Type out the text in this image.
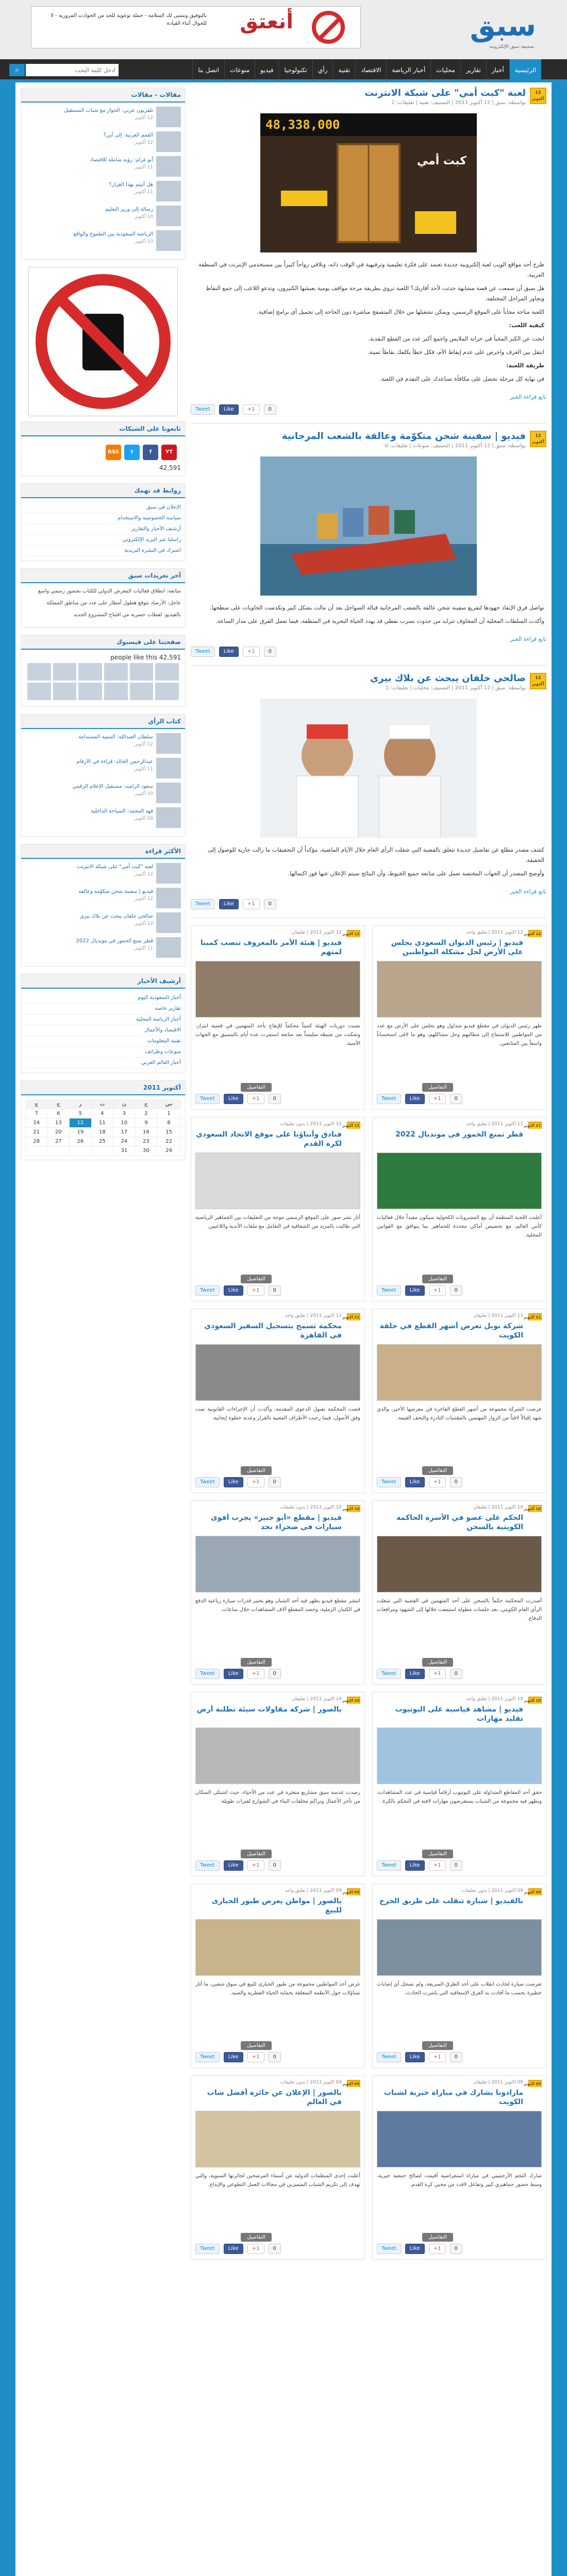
سبق
صحيفة سبق الإلكترونية
أنعتق
بالتوفيق ونتمنى لك السلامة - حملة توعوية للحد من الحوادث المرورية - لا للجوال أثناء القيادة
الرئيسية
أخبار
تقارير
محليات
أخبار الرياضة
الاقتصاد
تقنية
رأي
تكنولوجيا
فيديو
منوعات
اتصل بنا
ادخل كلمة البحث
⌕
12 أكتوبر
لعبة "كبت أمي" على شبكة الانترنت
بواسطة: سبق | 12 أكتوبر 2011 | التصنيف: تقنية | تعليقات: 2
48,338,000
كبت أمي

طرح أحد مواقع الويب لعبة إلكترونية جديدة تعتمد على فكرة تعليمية وترفيهية في الوقت ذاته، وتلاقي رواجاً كبيراً بين مستخدمي الإنترنت في المنطقة العربية.

هل سبق أن سمعت عن قصة مشابهة حدثت لأحد أقاربك؟ اللعبة تروي بطريقة مرحة مواقف يومية يعيشها الكثيرون، وتدعو اللاعب إلى جمع النقاط وتجاوز المراحل المختلفة.

اللعبة متاحة مجاناً على الموقع الرسمي، ويمكن تشغيلها من خلال المتصفح مباشرة دون الحاجة إلى تحميل أي برامج إضافية.

كيفية اللعب:

ابحث عن الكنز المخبأ في خزانة الملابس واجمع أكبر عدد من القطع النقدية.

انتقل بين الغرف واحرص على عدم إيقاظ الأم، فكل خطأ يكلفك نقاطاً ثمينة.

طريقة اللعبة:

في نهاية كل مرحلة تحصل على مكافأة تساعدك على التقدم في اللعبة.

تابع قراءة الخبر
Tweet	Like	+1	0
12 أكتوبر
فيديو | سفينة شحن متكوّمة وعالقة بالشعب المرجانية
بواسطة: سبق | 12 أكتوبر 2011 | التصنيف: منوعات | تعليقات: 0

تواصل فرق الإنقاذ جهودها لتفريغ سفينة شحن عالقة بالشعب المرجانية قبالة السواحل بعد أن مالت بشكل كبير وتكدست الحاويات على سطحها.

وأكدت السلطات المحلية أن المخاوف تتزايد من حدوث تسرب نفطي قد يهدد الحياة البحرية في المنطقة، فيما تعمل الفرق على مدار الساعة.

تابع قراءة الخبر
Tweet	Like	+1	0
12 أكتوبر
صالحي خلفان يبحث عن بلاك بيري
بواسطة: سبق | 12 أكتوبر 2011 | التصنيف: محليات | تعليقات: 1

كشف مصدر مطلع عن تفاصيل جديدة تتعلق بالقضية التي شغلت الرأي العام خلال الأيام الماضية، مؤكداً أن التحقيقات ما زالت جارية للوصول إلى الحقيقة.

وأوضح المصدر أن الجهات المختصة تعمل على متابعة جميع الخيوط، وأن النتائج سيتم الإعلان عنها فور اكتمالها.

تابع قراءة الخبر
Tweet	Like	+1	0
12 أكتوبر
12 أكتوبر 2011 | تعليق واحد
فيديو | رئيس الديوان السعودي يجلس على الأرض لحل مشكلة المواطنين
ظهر رئيس الديوان في مقطع فيديو متداول وهو يجلس على الأرض مع عدد من المواطنين للاستماع إلى مطالبهم وحل مشاكلهم، وهو ما لاقى استحساناً واسعاً بين المتابعين.
التفاصيل
Tweet	Like	+1	0
12 أكتوبر
12 أكتوبر 2011 | تعليقان
فيديو | هيئة الأمر بالمعروف تنصب كمينا لمتهم
نصبت دوريات الهيئة كميناً محكماً للإيقاع بأحد المتهمين في قضية ابتزاز، وتمكنت من ضبطه متلبساً بعد متابعة استمرت عدة أيام بالتنسيق مع الجهات الأمنية.
التفاصيل
Tweet	Like	+1	0
11 أكتوبر
11 أكتوبر 2011 | تعليق واحد
قطر تمنع الخمور في مونديال 2022
أعلنت اللجنة المنظمة أن بيع المشروبات الكحولية سيكون مقيداً خلال فعاليات كأس العالم، مع تخصيص أماكن محددة للجماهير بما يتوافق مع القوانين المحلية.
التفاصيل
Tweet	Like	+1	0
11 أكتوبر
11 أكتوبر 2011 | بدون تعليقات
فنادق وأبناؤنا على موقع الاتحاد السعودي لكرة القدم
أثار نشر صور على الموقع الرسمي موجة من التعليقات بين الجماهير الرياضية التي طالبت بالمزيد من الشفافية في التعامل مع ملفات الأندية واللاعبين.
التفاصيل
Tweet	Like	+1	0
11 أكتوبر
11 أكتوبر 2011 | تعليقان
شركة نوبل تعرض أشهر القطع في حلقة الكويت
عرضت الشركة مجموعة من أشهر القطع الفاخرة في معرضها الأخير، والذي شهد إقبالاً لافتاً من الزوار المهتمين بالمقتنيات النادرة والتحف القيمة.
التفاصيل
Tweet	Like	+1	0
11 أكتوبر
11 أكتوبر 2011 | تعليق واحد
محكمة تسمح بتسجيل السفير السعودي في القاهرة
قضت المحكمة بقبول الدعوى المقدمة، وأكدت أن الإجراءات القانونية تمت وفق الأصول، فيما رحبت الأطراف المعنية بالقرار وعدته خطوة إيجابية.
التفاصيل
Tweet	Like	+1	0
10 أكتوبر
10 أكتوبر 2011 | تعليقان
الحكم على عضو في الأسرة الحاكمة الكويتية بالسجن
أصدرت المحكمة حكماً بالسجن على أحد المتهمين في القضية التي شغلت الرأي العام الكويتي، بعد جلسات مطولة استمعت خلالها إلى الشهود ومرافعات الدفاع.
التفاصيل
Tweet	Like	+1	0
10 أكتوبر
10 أكتوبر 2011 | بدون تعليقات
فيديو | مقطع «أبو جبير» يجرب أقوى سيارات في صحراء نجد
انتشر مقطع فيديو يظهر فيه أحد الشبان وهو يختبر قدرات سيارة رباعية الدفع في الكثبان الرملية، وحصد المقطع آلاف المشاهدات خلال ساعات.
التفاصيل
Tweet	Like	+1	0
10 أكتوبر
10 أكتوبر 2011 | تعليق واحد
فيديو | مشاهد قياسية على اليوتيوب تقليد مهارات
حقق أحد المقاطع المتداولة على اليوتيوب أرقاماً قياسية في عدد المشاهدات، ويظهر فيه مجموعة من الشباب يستعرضون مهارات لافتة في التحكم بالكرة.
التفاصيل
Tweet	Like	+1	0
10 أكتوبر
10 أكتوبر 2011 | تعليقان
بالصور | شركة مقاولات سيئة تطلبة أرض
رصدت عدسة سبق مشاريع متعثرة في عدد من الأحياء، حيث اشتكى السكان من تأخر الأعمال وتراكم مخلفات البناء في الشوارع لفترات طويلة.
التفاصيل
Tweet	Like	+1	0
09 أكتوبر
09 أكتوبر 2011 | بدون تعليقات
بالفيديو | سيارة تنقلب على طريق الخرج
تعرضت سيارة لحادث انقلاب على أحد الطرق السريعة، ولم تسجل أي إصابات خطيرة بحسب ما أفادت به الفرق الإسعافية التي باشرت الحادث.
التفاصيل
Tweet	Like	+1	0
09 أكتوبر
09 أكتوبر 2011 | تعليق واحد
بالصور | مواطن يعرض طيور الحبارى للبيع
عرض أحد المواطنين مجموعة من طيور الحبارى للبيع في سوق شعبي، ما أثار تساؤلات حول الأنظمة المتعلقة بحماية الحياة الفطرية والصيد.
التفاصيل
Tweet	Like	+1	0
09 أكتوبر
09 أكتوبر 2011 | تعليقان
مارادونا يشارك في مباراة خيرية لشباب الكويت
شارك النجم الأرجنتيني في مباراة استعراضية أقيمت لصالح جمعية خيرية، وسط حضور جماهيري كبير وتفاعل لافت من محبي كرة القدم.
التفاصيل
Tweet	Like	+1	0
09 أكتوبر
09 أكتوبر 2011 | بدون تعليقات
بالصور | الإعلان عن جائزة أفضل شاب في العالم
أعلنت إحدى المنظمات الدولية عن أسماء المرشحين لجائزتها السنوية، والتي تهدف إلى تكريم الشباب المتميزين في مجالات العمل التطوعي والإبداع.
التفاصيل
Tweet	Like	+1	0
مقالات - مقالات
تلفزيون عربي: الحوار مع شباب المستقبل
12 أكتوبر
القمم العربية: إلى أين؟
12 أكتوبر
أبو غرام: رؤية شاملة للاقتصاد
11 أكتوبر
هل أتيتم بهذا القرار؟
11 أكتوبر
رسالة إلى وزير التعليم
10 أكتوبر
الرياضة السعودية بين الطموح والواقع
10 أكتوبر
تابعونا على الشبكات
YT
f
t
RSS
42,591
روابط قد تهمك
الإعلان في سبق
سياسة الخصوصية والاستخدام
أرشيف الأخبار والتقارير
راسلنا عبر البريد الإلكتروني
اشترك في النشرة البريدية
آخر تغريدات سبق
متابعة: انطلاق فعاليات المعرض الدولي للكتاب بحضور رسمي واسع
عاجل: الأرصاد تتوقع هطول أمطار على عدد من مناطق المملكة
بالفيديو: لقطات حصرية من افتتاح المشروع الجديد
صفحتنا على فيسبوك
42,591 people like this
كتاب الرأي
سلطان العبدالله: التنمية المستدامة
12 أكتوبر
عبدالرحمن الخالد: قراءة في الأرقام
11 أكتوبر
سعود الراشد: مستقبل الإعلام الرقمي
10 أكتوبر
فهد المحمد: السياحة الداخلية
09 أكتوبر
الأكثر قراءة
لعبة "كبت أمي" على شبكة الانترنت
12 أكتوبر
فيديو | سفينة شحن متكوّمة وعالقة
12 أكتوبر
صالحي خلفان يبحث عن بلاك بيري
12 أكتوبر
قطر تمنع الخمور في مونديال 2022
11 أكتوبر
أرشيف الأخبار
أخبار السعودية اليوم
تقارير خاصة
أخبار الرياضة المحلية
الاقتصاد والأعمال
تقنية المعلومات
منوعات وطرائف
أخبار العالم العربي
أكتوبر 2011
س	ح	ن	ث	ر	خ	ج
1	2	3	4	5	6	7
8	9	10	11	12	13	14
15	16	17	18	19	20	21
22	23	24	25	26	27	28
29	30	31				
